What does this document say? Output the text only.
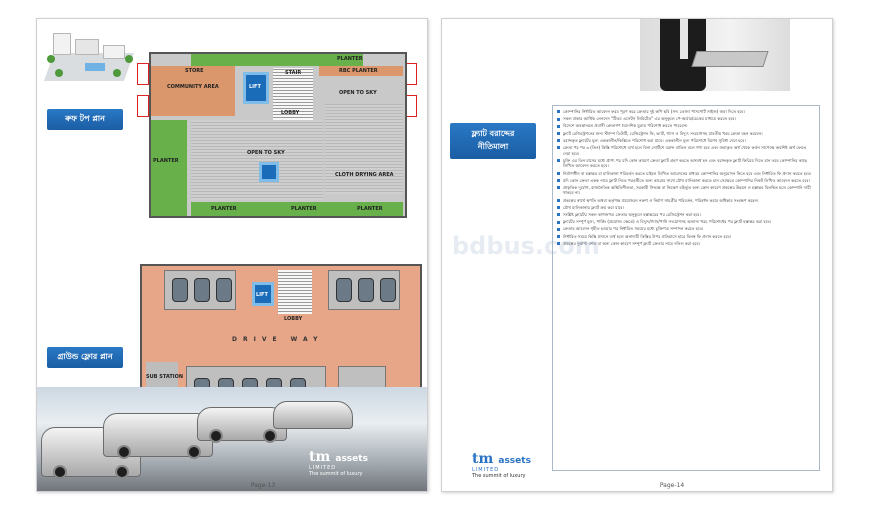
ৰুফ টপ প্লান
PLANTER
RBC PLANTER
STORE
COMMUNITY AREA	LIFT
STAIR
LOBBY
OPEN TO SKY
CLOTH DRYING AREA
OPEN TO SKY
PLANTER
PLANTER	PLANTER	PLANTER
গ্রাউন্ড ফ্লোর প্লান
LIFT
LOBBY
DRIVE WAY
SUB STATION
tm assets
LIMITED
The summit of luxury
Page-13
ফ্ল্যাট বরাদ্দের নীতিমালা
কোম্পানির নির্ধারিত আবেদন ফরম পূরণ করে ক্রেতার দুই কপি ছবি (সদ্য তোলা পাসপোর্ট সাইজ) জমা দিতে হবে।
সকল প্রকার আর্থিক লেনদেন "টিএম এসেটস লিমিটেড" এর অনুকূলে পে-অর্ডার/চেকের মাধ্যমে করতে হবে।
বিদেশে অবস্থানরত প্রবাসী ক্রেতাগণ বৈদেশিক মুদ্রায় পরিশোধ করতে পারবেন।
ফ্ল্যাট রেজিস্ট্রেশনের জন্য স্ট্যাম্প ডিউটি, রেজিস্ট্রেশন ফি, ভ্যাট, গ্যাস ও বিদ্যুৎ সংযোগসহ যাবতীয় খরচ ক্রেতা বহন করবেন।
বরাদ্দকৃত ফ্ল্যাটের মূল্য এককালীন/কিস্তিতে পরিশোধ করা যাবে। এককালীন মূল্য পরিশোধে বিশেষ সুবিধা দেয়া হবে।
ক্রেতা পর পর ৩ (তিন) কিস্তি পরিশোধে ব্যর্থ হলে বিনা নোটিশে বরাদ্দ বাতিল বলে গণ্য হবে এবং জমাকৃত অর্থ থেকে কর্তন সাপেক্ষে অবশিষ্ট অর্থ ফেরত দেয়া হবে।
চুক্তি এর তিন মাসের মধ্যে প্রাপ্য পর যদি কোন কারণে ক্রেতা ফ্ল্যাট গ্রহণ করতে অসমর্থ হন এবং বরাদ্দকৃত ফ্ল্যাট ফিরিয়ে দিতে চান তবে কোম্পানির কাছে লিখিত আবেদন করতে হবে।
নির্মাণাধীন বা হস্তান্তর বা মালিকানা পরিবর্তন করতে চাইলে লিখিত আবেদনের মাধ্যমে কোম্পানির অনুমোদন নিতে হবে এবং নির্ধারিত ফি প্রদান করতে হবে।
যদি কোন ক্রেতা একক নামে ফ্ল্যাট নিতে পরবর্তীতে অন্য কারোর সাথে যৌথ মালিকানা করতে চান সেক্ষেত্রে কোম্পানির নিকট লিখিত আবেদন করতে হবে।
প্রাকৃতিক দুর্যোগ, রাজনৈতিক অস্থিতিশীলতা, সরকারী সিদ্ধান্ত বা নিয়ন্ত্রণ বহির্ভূত অন্য কোন কারণে প্রকল্পের উন্নয়ন ও হস্তান্তর বিলম্বিত হলে কোম্পানি দায়ী থাকবে না।
প্রকল্পের স্বার্থে স্থপতি অথবা কর্তৃপক্ষ প্রয়োজনে নকশা ও নির্মাণ সামগ্রীর পরিবর্তন, পরিবর্ধন করার অধিকার সংরক্ষণ করেন।
যৌথ মালিকানায় ফ্ল্যাট ক্রয় করা যাবে।
সংশ্লিষ্ট ফ্ল্যাটের সকল কাগজপত্র ক্রেতার অনুকূলে হস্তান্তরের পর রেজিস্ট্রেশন করা হবে।
ফ্ল্যাটের সম্পূর্ণ মূল্য, পার্কিং (প্রযোজ্য ক্ষেত্রে) ও বিদ্যুৎ/গ্যাস/পানি সংযোগসহ অন্যান্য খরচ পরিশোধের পর ফ্ল্যাট হস্তান্তর করা হবে।
ক্রেতার আবেদন গৃহীত হওয়ার পর নির্ধারিত সময়ের মধ্যে চুক্তিপত্র সম্পাদন করতে হবে।
নির্ধারিত সময়ে কিস্তি প্রদানে ব্যর্থ হলে অনাদায়ী কিস্তির উপর প্রতিমাসে হারে বিলম্ব ফি প্রদান করতে হবে।
প্রকল্পের দুর্ভাগ্য বশত বা অন্য কোন কারণে সম্পূর্ণ ফ্ল্যাট ক্রেতার নামে দলিল করা হবে।
tm assets
LIMITED
The summit of luxury
Page-14
bdbus.com
